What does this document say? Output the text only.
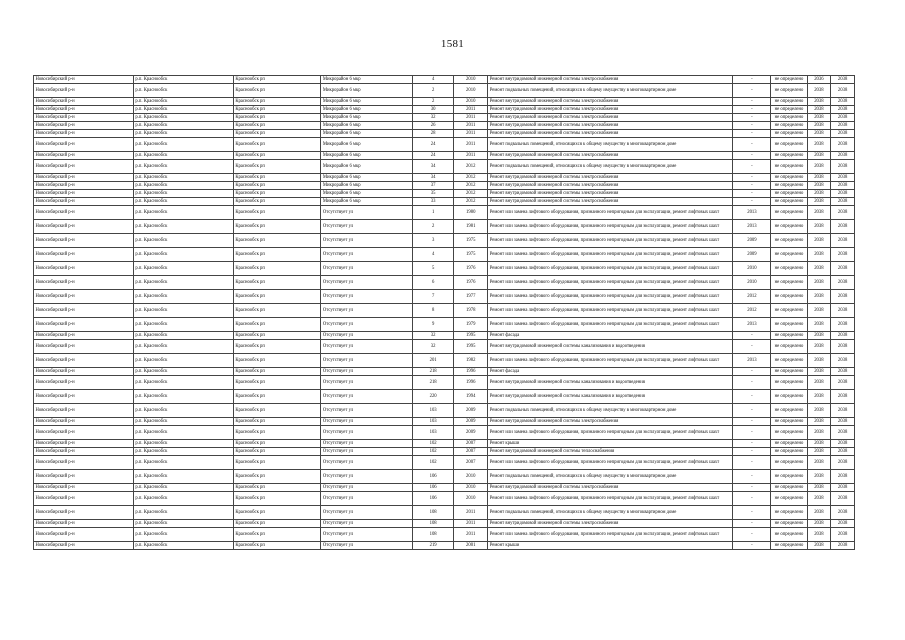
1581
Новосибирский р-н	р.п. Краснообск	Краснообск рп	Микрорайон 6 мкр	4	2010	Ремонт внутридомовой инженерной системы электроснабжения	-	не определено	2036	2038
Новосибирский р-н	р.п. Краснообск	Краснообск рп	Микрорайон 6 мкр	2	2010	Ремонт подвальных помещений, относящихся к общему имуществу в многоквартирном доме	-	не определено	2038	2038
Новосибирский р-н	р.п. Краснообск	Краснообск рп	Микрорайон 6 мкр	2	2010	Ремонт внутридомовой инженерной системы электроснабжения	-	не определено	2038	2038
Новосибирский р-н	р.п. Краснообск	Краснообск рп	Микрорайон 6 мкр	30	2011	Ремонт внутридомовой инженерной системы электроснабжения	-	не определено	2038	2038
Новосибирский р-н	р.п. Краснообск	Краснообск рп	Микрорайон 6 мкр	32	2011	Ремонт внутридомовой инженерной системы электроснабжения	-	не определено	2038	2038
Новосибирский р-н	р.п. Краснообск	Краснообск рп	Микрорайон 6 мкр	26	2011	Ремонт внутридомовой инженерной системы электроснабжения	-	не определено	2038	2038
Новосибирский р-н	р.п. Краснообск	Краснообск рп	Микрорайон 6 мкр	28	2011	Ремонт внутридомовой инженерной системы электроснабжения	-	не определено	2038	2038
Новосибирский р-н	р.п. Краснообск	Краснообск рп	Микрорайон 6 мкр	24	2011	Ремонт подвальных помещений, относящихся к общему имуществу в многоквартирном доме	-	не определено	2038	2038
Новосибирский р-н	р.п. Краснообск	Краснообск рп	Микрорайон 6 мкр	24	2011	Ремонт внутридомовой инженерной системы электроснабжения	-	не определено	2038	2038
Новосибирский р-н	р.п. Краснообск	Краснообск рп	Микрорайон 6 мкр	34	2012	Ремонт подвальных помещений, относящихся к общему имуществу в многоквартирном доме	-	не определено	2038	2038
Новосибирский р-н	р.п. Краснообск	Краснообск рп	Микрорайон 6 мкр	34	2012	Ремонт внутридомовой инженерной системы электроснабжения	-	не определено	2038	2038
Новосибирский р-н	р.п. Краснообск	Краснообск рп	Микрорайон 6 мкр	37	2012	Ремонт внутридомовой инженерной системы электроснабжения	-	не определено	2038	2038
Новосибирский р-н	р.п. Краснообск	Краснообск рп	Микрорайон 6 мкр	35	2012	Ремонт внутридомовой инженерной системы электроснабжения	-	не определено	2038	2038
Новосибирский р-н	р.п. Краснообск	Краснообск рп	Микрорайон 6 мкр	33	2012	Ремонт внутридомовой инженерной системы электроснабжения	-	не определено	2038	2038
Новосибирский р-н	р.п. Краснообск	Краснообск рп	Отсутствует ул	1	1980	Ремонт или замена лифтового оборудования, признанного непригодным для эксплуатации, ремонт лифтовых шахт	2013	не определено	2038	2038
Новосибирский р-н	р.п. Краснообск	Краснообск рп	Отсутствует ул	2	1981	Ремонт или замена лифтового оборудования, признанного непригодным для эксплуатации, ремонт лифтовых шахт	2013	не определено	2038	2038
Новосибирский р-н	р.п. Краснообск	Краснообск рп	Отсутствует ул	3	1975	Ремонт или замена лифтового оборудования, признанного непригодным для эксплуатации, ремонт лифтовых шахт	2009	не определено	2038	2038
Новосибирский р-н	р.п. Краснообск	Краснообск рп	Отсутствует ул	4	1975	Ремонт или замена лифтового оборудования, признанного непригодным для эксплуатации, ремонт лифтовых шахт	2009	не определено	2038	2038
Новосибирский р-н	р.п. Краснообск	Краснообск рп	Отсутствует ул	5	1976	Ремонт или замена лифтового оборудования, признанного непригодным для эксплуатации, ремонт лифтовых шахт	2010	не определено	2038	2038
Новосибирский р-н	р.п. Краснообск	Краснообск рп	Отсутствует ул	6	1976	Ремонт или замена лифтового оборудования, признанного непригодным для эксплуатации, ремонт лифтовых шахт	2010	не определено	2038	2038
Новосибирский р-н	р.п. Краснообск	Краснообск рп	Отсутствует ул	7	1977	Ремонт или замена лифтового оборудования, признанного непригодным для эксплуатации, ремонт лифтовых шахт	2012	не определено	2038	2038
Новосибирский р-н	р.п. Краснообск	Краснообск рп	Отсутствует ул	8	1978	Ремонт или замена лифтового оборудования, признанного непригодным для эксплуатации, ремонт лифтовых шахт	2012	не определено	2038	2038
Новосибирский р-н	р.п. Краснообск	Краснообск рп	Отсутствует ул	9	1979	Ремонт или замена лифтового оборудования, признанного непригодным для эксплуатации, ремонт лифтовых шахт	2013	не определено	2038	2038
Новосибирский р-н	р.п. Краснообск	Краснообск рп	Отсутствует ул	32	1995	Ремонт фасада	-	не определено	2038	2038
Новосибирский р-н	р.п. Краснообск	Краснообск рп	Отсутствует ул	32	1995	Ремонт внутридомовой инженерной системы канализования и водоотведения	-	не определено	2038	2038
Новосибирский р-н	р.п. Краснообск	Краснообск рп	Отсутствует ул	201	1982	Ремонт или замена лифтового оборудования, признанного непригодным для эксплуатации, ремонт лифтовых шахт	2013	не определено	2038	2038
Новосибирский р-н	р.п. Краснообск	Краснообск рп	Отсутствует ул	218	1996	Ремонт фасада	-	не определено	2038	2038
Новосибирский р-н	р.п. Краснообск	Краснообск рп	Отсутствует ул	218	1996	Ремонт внутридомовой инженерной системы канализования и водоотведения	-	не определено	2038	2038
Новосибирский р-н	р.п. Краснообск	Краснообск рп	Отсутствует ул	220	1994	Ремонт внутридомовой инженерной системы канализования и водоотведения	-	не определено	2038	2038
Новосибирский р-н	р.п. Краснообск	Краснообск рп	Отсутствует ул	103	2009	Ремонт подвальных помещений, относящихся к общему имуществу в многоквартирном доме	-	не определено	2038	2038
Новосибирский р-н	р.п. Краснообск	Краснообск рп	Отсутствует ул	103	2009	Ремонт внутридомовой инженерной системы электроснабжения	-	не определено	2038	2038
Новосибирский р-н	р.п. Краснообск	Краснообск рп	Отсутствует ул	103	2009	Ремонт или замена лифтового оборудования, признанного непригодным для эксплуатации, ремонт лифтовых шахт	-	не определено	2038	2038
Новосибирский р-н	р.п. Краснообск	Краснообск рп	Отсутствует ул	102	2007	Ремонт крыши	-	не определено	2038	2038
Новосибирский р-н	р.п. Краснообск	Краснообск рп	Отсутствует ул	102	2007	Ремонт внутридомовой инженерной системы теплоснабжения	-	не определено	2038	2038
Новосибирский р-н	р.п. Краснообск	Краснообск рп	Отсутствует ул	102	2007	Ремонт или замена лифтового оборудования, признанного непригодным для эксплуатации, ремонт лифтовых шахт	-	не определено	2038	2038
Новосибирский р-н	р.п. Краснообск	Краснообск рп	Отсутствует ул	106	2010	Ремонт подвальных помещений, относящихся к общему имуществу в многоквартирном доме	-	не определено	2038	2038
Новосибирский р-н	р.п. Краснообск	Краснообск рп	Отсутствует ул	106	2010	Ремонт внутридомовой инженерной системы электроснабжения	-	не определено	2038	2038
Новосибирский р-н	р.п. Краснообск	Краснообск рп	Отсутствует ул	106	2010	Ремонт или замена лифтового оборудования, признанного непригодным для эксплуатации, ремонт лифтовых шахт	-	не определено	2038	2038
Новосибирский р-н	р.п. Краснообск	Краснообск рп	Отсутствует ул	108	2011	Ремонт подвальных помещений, относящихся к общему имуществу в многоквартирном доме	-	не определено	2038	2038
Новосибирский р-н	р.п. Краснообск	Краснообск рп	Отсутствует ул	108	2011	Ремонт внутридомовой инженерной системы электроснабжения	-	не определено	2038	2038
Новосибирский р-н	р.п. Краснообск	Краснообск рп	Отсутствует ул	108	2011	Ремонт или замена лифтового оборудования, признанного непригодным для эксплуатации, ремонт лифтовых шахт	-	не определено	2038	2038
Новосибирский р-н	р.п. Краснообск	Краснообск рп	Отсутствует ул	219	2001	Ремонт крыши	-	не определено	2038	2038
